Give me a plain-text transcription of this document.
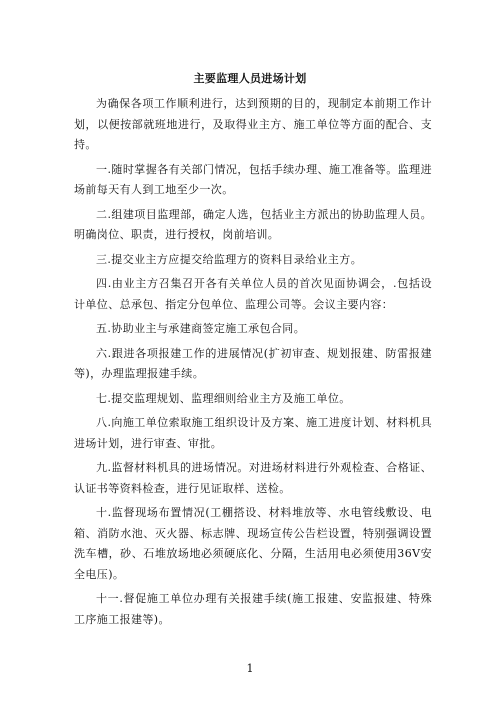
主要监理人员进场计划

为确保各项工作顺利进行，达到预期的目的，现制定本前期工作计划，以便按部就班地进行，及取得业主方、施工单位等方面的配合、支持。

一.随时掌握各有关部门情况，包括手续办理、施工准备等。监理进场前每天有人到工地至少一次。

二.组建项目监理部，确定人选，包括业主方派出的协助监理人员。明确岗位、职责，进行授权，岗前培训。

三.提交业主方应提交给监理方的资料目录给业主方。

四.由业主方召集召开各有关单位人员的首次见面协调会，.包括设计单位、总承包、指定分包单位、监理公司等。会议主要内容：

五.协助业主与承建商签定施工承包合同。

六.跟进各项报建工作的进展情况(扩初审查、规划报建、防雷报建等)，办理监理报建手续。

七.提交监理规划、监理细则给业主方及施工单位。

八.向施工单位索取施工组织设计及方案、施工进度计划、材料机具进场计划，进行审查、审批。

九.监督材料机具的进场情况。对进场材料进行外观检查、合格证、认证书等资料检查，进行见证取样、送检。

十.监督现场布置情况(工棚搭设、材料堆放等、水电管线敷设、电箱、消防水池、灭火器、标志牌、现场宣传公告栏设置，特别强调设置洗车槽，砂、石堆放场地必须硬底化、分隔，生活用电必须使用36V安全电压)。

十一.督促施工单位办理有关报建手续(施工报建、安监报建、特殊工序施工报建等)。

1
